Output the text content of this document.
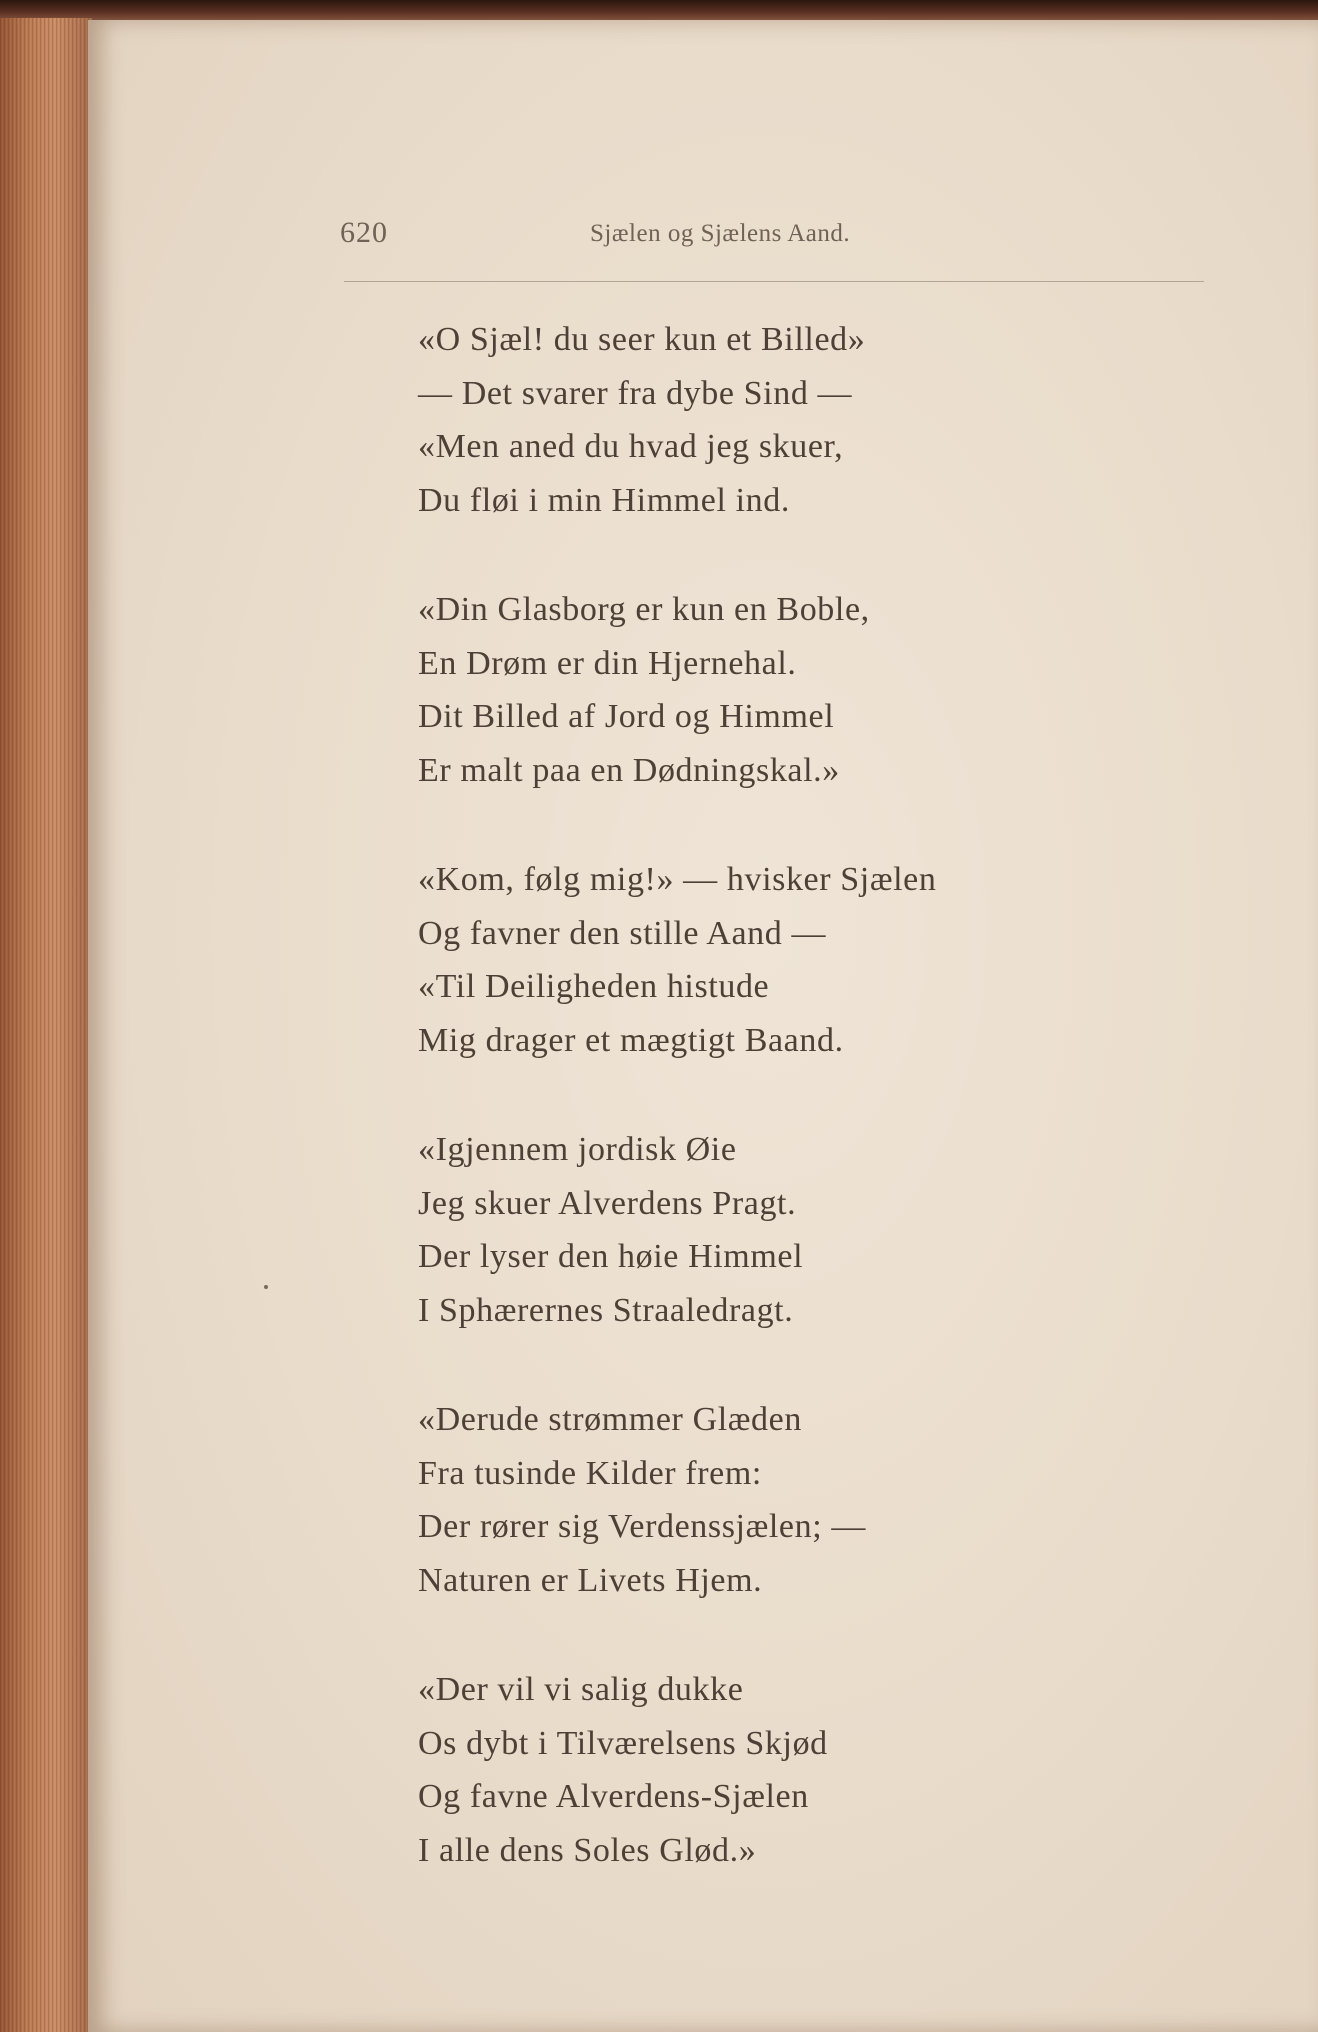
620	Sjælen og Sjælens Aand.
«O Sjæl! du seer kun et Billed»
— Det svarer fra dybe Sind —
«Men aned du hvad jeg skuer,
Du fløi i min Himmel ind.
«Din Glasborg er kun en Boble,
En Drøm er din Hjernehal.
Dit Billed af Jord og Himmel
Er malt paa en Dødningskal.»
«Kom, følg mig!» — hvisker Sjælen
Og favner den stille Aand —
«Til Deiligheden histude
Mig drager et mægtigt Baand.
«Igjennem jordisk Øie
Jeg skuer Alverdens Pragt.
Der lyser den høie Himmel
I Sphærernes Straaledragt.
«Derude strømmer Glæden
Fra tusinde Kilder frem:
Der rører sig Verdenssjælen; —
Naturen er Livets Hjem.
«Der vil vi salig dukke
Os dybt i Tilværelsens Skjød
Og favne Alverdens-Sjælen
I alle dens Soles Glød.»
